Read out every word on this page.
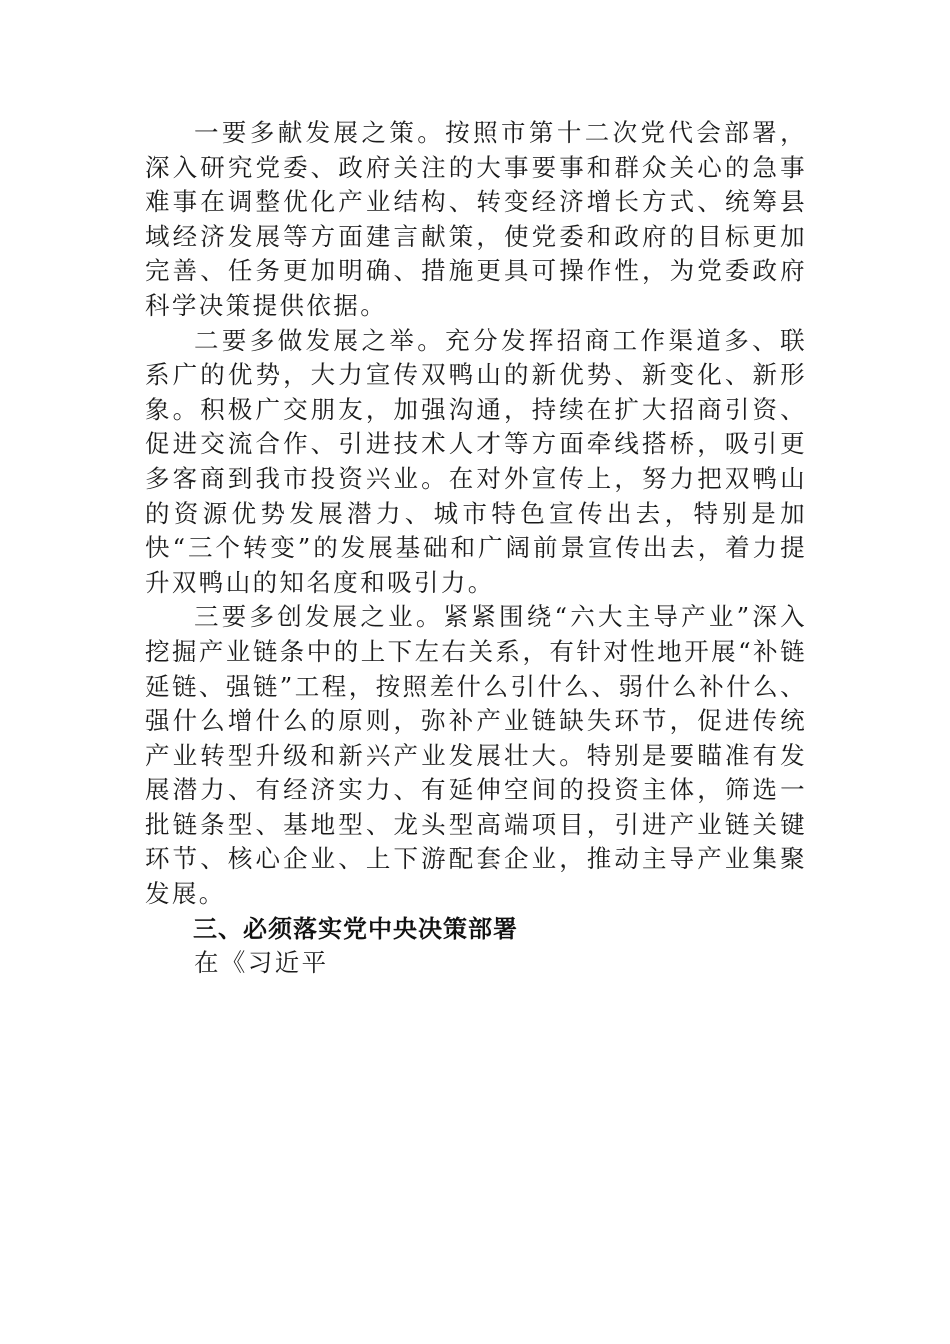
一要多献发展之策。按照市第十二次党代会部署，深入研究党委、政府关注的大事要事和群众关心的急事难事在调整优化产业结构、转变经济增长方式、统筹县域经济发展等方面建言献策，使党委和政府的目标更加完善、任务更加明确、措施更具可操作性，为党委政府科学决策提供依据。

二要多做发展之举。充分发挥招商工作渠道多、联系广的优势，大力宣传双鸭山的新优势、新变化、新形象。积极广交朋友，加强沟通，持续在扩大招商引资、促进交流合作、引进技术人才等方面牵线搭桥，吸引更多客商到我市投资兴业。在对外宣传上，努力把双鸭山的资源优势发展潜力、城市特色宣传出去，特别是加快“三个转变”的发展基础和广阔前景宣传出去，着力提升双鸭山的知名度和吸引力。

三要多创发展之业。紧紧围绕“六大主导产业”深入挖掘产业链条中的上下左右关系，有针对性地开展“补链延链、强链”工程，按照差什么引什么、弱什么补什么、强什么增什么的原则，弥补产业链缺失环节，促进传统产业转型升级和新兴产业发展壮大。特别是要瞄准有发展潜力、有经济实力、有延伸空间的投资主体，筛选一批链条型、基地型、龙头型高端项目，引进产业链关键环节、核心企业、上下游配套企业，推动主导产业集聚发展。

三、必须落实党中央决策部署

在《习近平
